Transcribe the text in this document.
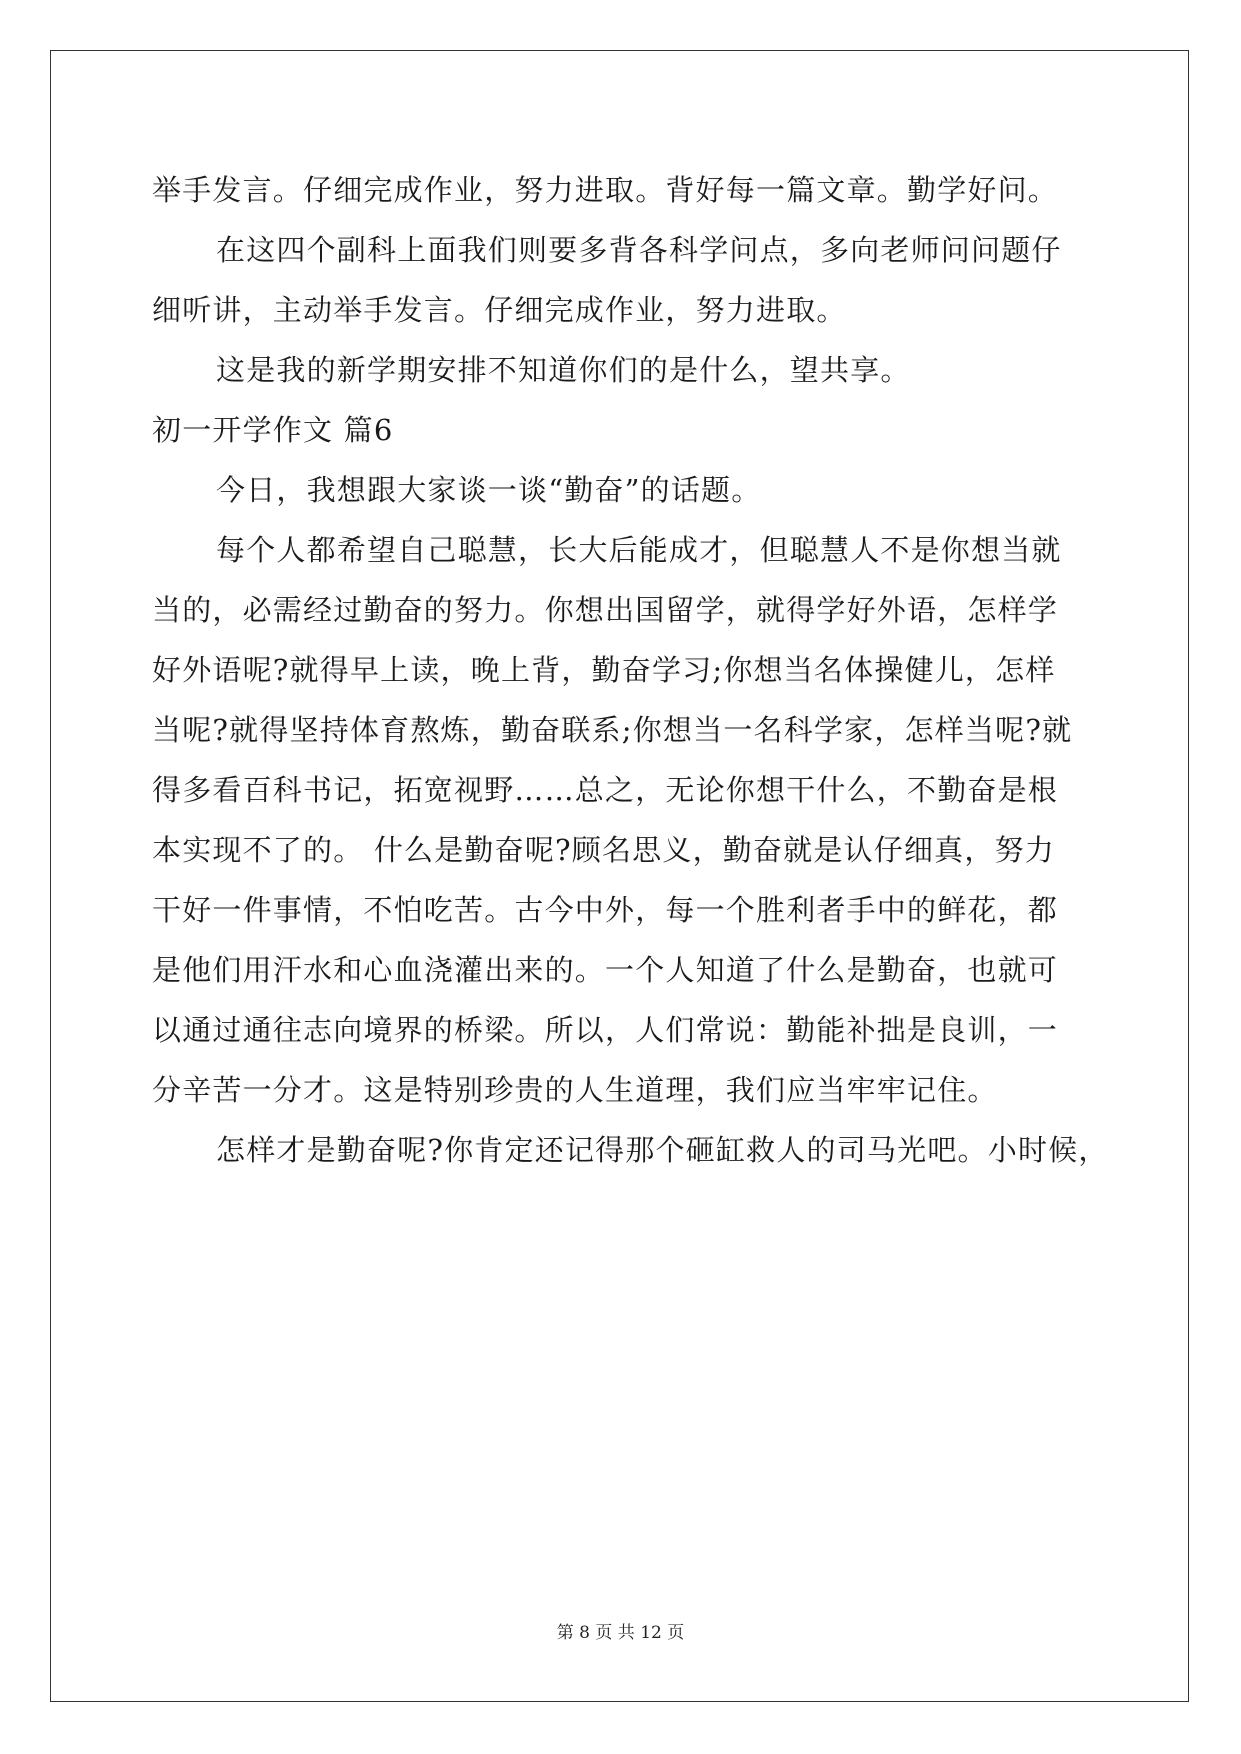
举手发言。仔细完成作业，努力进取。背好每一篇文章。勤学好问。
在这四个副科上面我们则要多背各科学问点，多向老师问问题仔
细听讲，主动举手发言。仔细完成作业，努力进取。
这是我的新学期安排不知道你们的是什么，望共享。
初一开学作文 篇6
今日，我想跟大家谈一谈“勤奋”的话题。
每个人都希望自己聪慧，长大后能成才，但聪慧人不是你想当就
当的，必需经过勤奋的努力。你想出国留学，就得学好外语，怎样学
好外语呢?就得早上读，晚上背，勤奋学习;你想当名体操健儿，怎样
当呢?就得坚持体育熬炼，勤奋联系;你想当一名科学家，怎样当呢?就
得多看百科书记，拓宽视野……总之，无论你想干什么，不勤奋是根
本实现不了的。 什么是勤奋呢?顾名思义，勤奋就是认仔细真，努力
干好一件事情，不怕吃苦。古今中外，每一个胜利者手中的鲜花，都
是他们用汗水和心血浇灌出来的。一个人知道了什么是勤奋，也就可
以通过通往志向境界的桥梁。所以，人们常说：勤能补拙是良训，一
分辛苦一分才。这是特别珍贵的人生道理，我们应当牢牢记住。
怎样才是勤奋呢?你肯定还记得那个砸缸救人的司马光吧。小时候，
第 8 页 共 12 页
